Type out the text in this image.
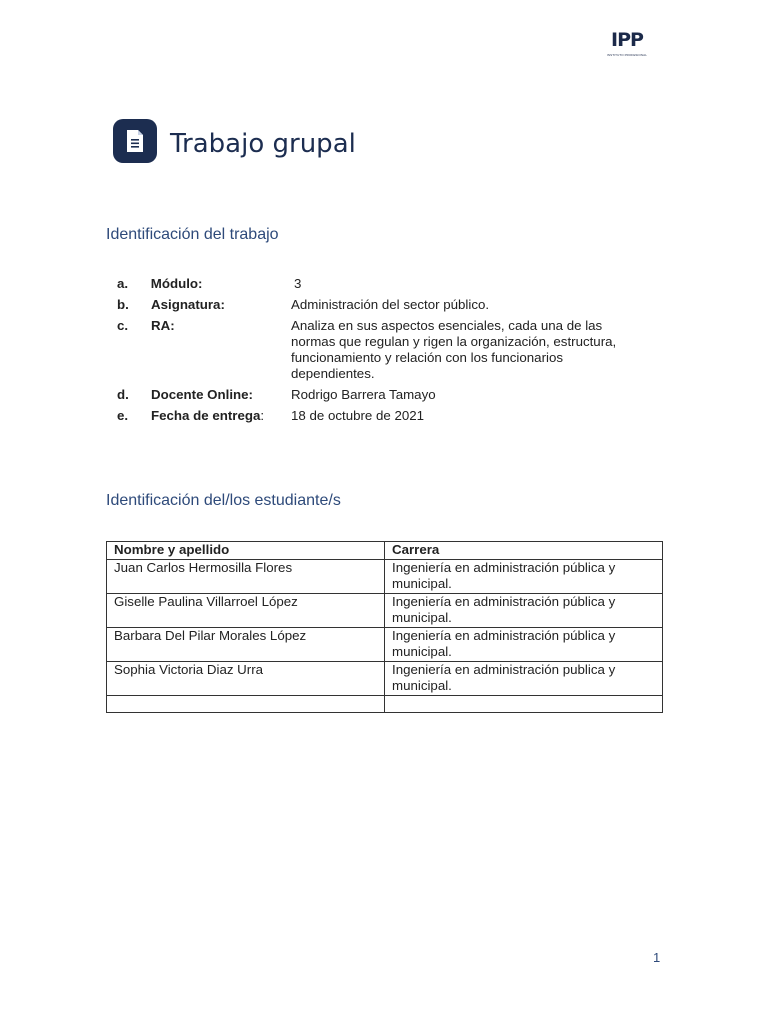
IPP
INSTITUTO PROFESIONAL
Trabajo grupal
Identificación del trabajo
a.	Módulo:	3
b.	Asignatura:	Administración del sector público.
c.	RA:	Analiza en sus aspectos esenciales, cada una de las normas que regulan y rigen la organización, estructura, funcionamiento y relación con los funcionarios dependientes.
d.	Docente Online:	Rodrigo Barrera Tamayo
e.	Fecha de entrega:	18 de octubre de 2021
Identificación del/los estudiante/s
Nombre y apellido	Carrera
Juan Carlos Hermosilla Flores	Ingeniería en administración pública y municipal.
Giselle Paulina Villarroel López	Ingeniería en administración pública y municipal.
Barbara Del Pilar Morales López	Ingeniería en administración pública y municipal.
Sophia Victoria Diaz Urra	Ingeniería en administración publica y municipal.

1
